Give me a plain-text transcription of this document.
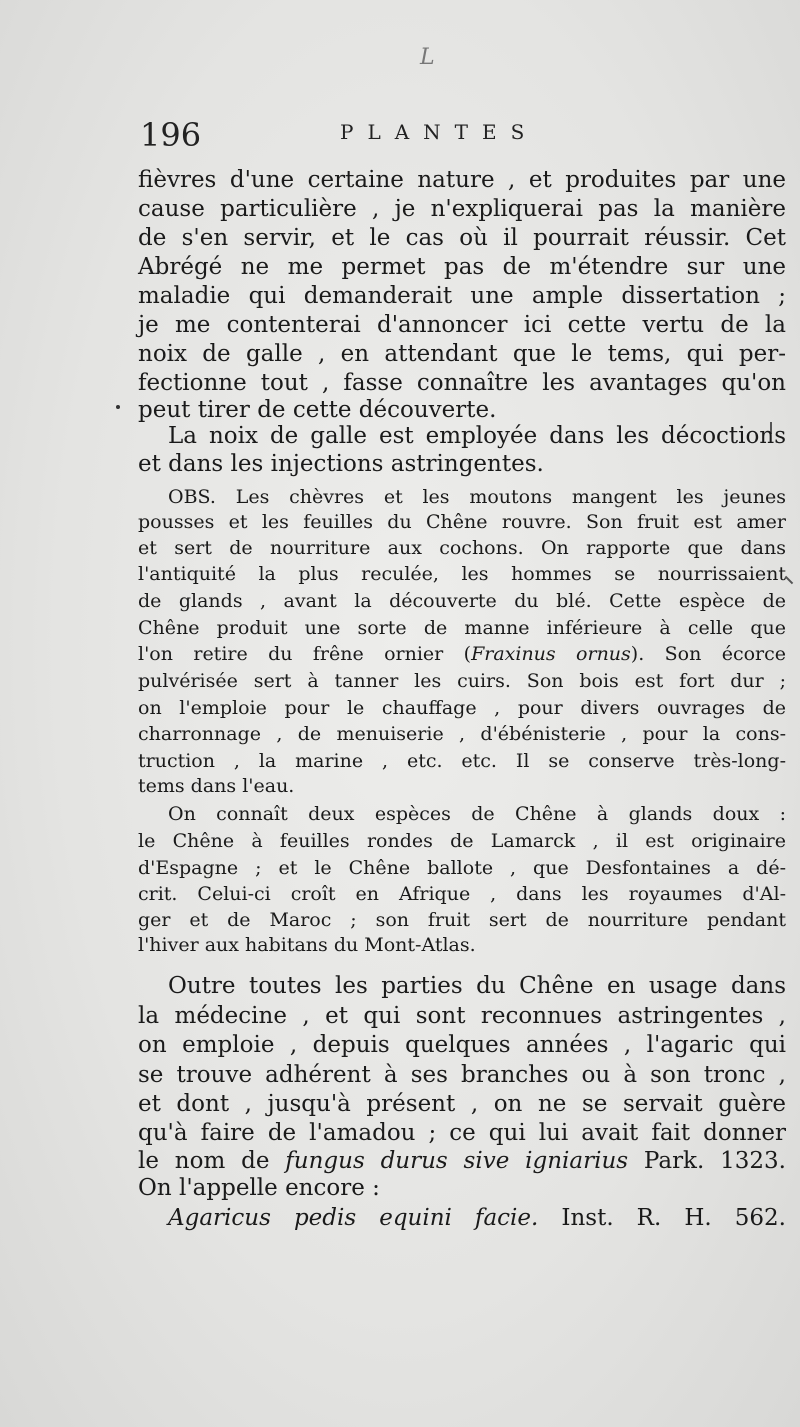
L
196	PLANTES

fièvres d'une certaine nature , et produites par une

cause particulière , je n'expliquerai pas la manière

de s'en servir, et le cas où il pourrait réussir. Cet

Abrégé ne me permet pas de m'étendre sur une

maladie qui demanderait une ample dissertation ;

je me contenterai d'annoncer ici cette vertu de la

noix de galle , en attendant que le tems, qui per-

fectionne tout , fasse connaître les avantages qu'on

peut tirer de cette découverte.

La noix de galle est employée dans les décoctions

et dans les injections astringentes.

OBS. Les chèvres et les moutons mangent les jeunes

pousses et les feuilles du Chêne rouvre. Son fruit est amer

et sert de nourriture aux cochons. On rapporte que dans

l'antiquité la plus reculée, les hommes se nourrissaient

de glands , avant la découverte du blé. Cette espèce de

Chêne produit une sorte de manne inférieure à celle que

l'on retire du frêne ornier (Fraxinus ornus). Son écorce

pulvérisée sert à tanner les cuirs. Son bois est fort dur ;

on l'emploie pour le chauffage , pour divers ouvrages de

charronnage , de menuiserie , d'ébénisterie , pour la cons-

truction , la marine , etc. etc. Il se conserve très-long-

tems dans l'eau.

On connaît deux espèces de Chêne à glands doux :

le Chêne à feuilles rondes de Lamarck , il est originaire

d'Espagne ; et le Chêne ballote , que Desfontaines a dé-

crit. Celui-ci croît en Afrique , dans les royaumes d'Al-

ger et de Maroc ; son fruit sert de nourriture pendant

l'hiver aux habitans du Mont-Atlas.

Outre toutes les parties du Chêne en usage dans

la médecine , et qui sont reconnues astringentes ,

on emploie , depuis quelques années , l'agaric qui

se trouve adhérent à ses branches ou à son tronc ,

et dont , jusqu'à présent , on ne se servait guère

qu'à faire de l'amadou ; ce qui lui avait fait donner

le nom de fungus durus sive igniarius Park. 1323.

On l'appelle encore :

Agaricus pedis equini facie. Inst. R. H. 562.
